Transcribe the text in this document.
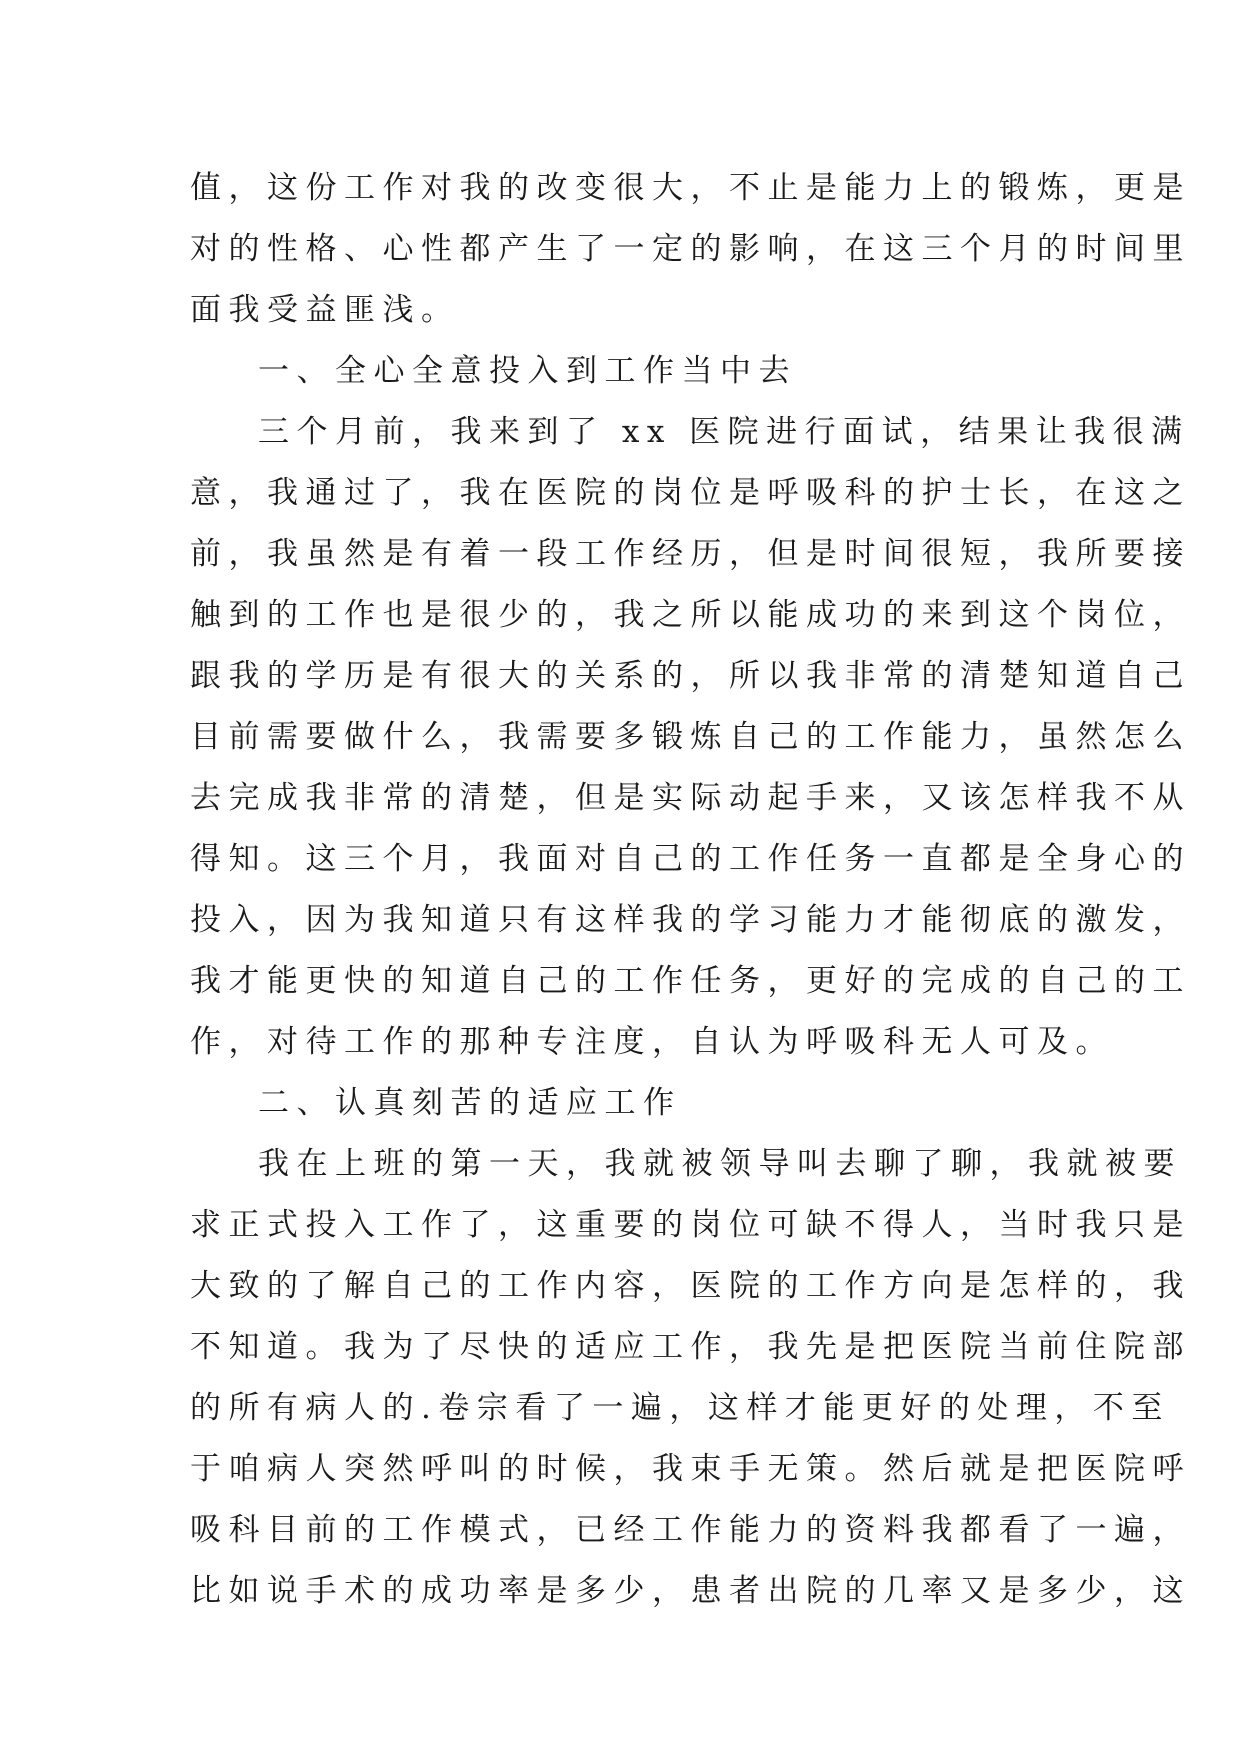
值，这份工作对我的改变很大，不止是能力上的锻炼，更是
对的性格、心性都产生了一定的影响，在这三个月的时间里
面我受益匪浅。
一、全心全意投入到工作当中去
三个月前，我来到了 xx 医院进行面试，结果让我很满
意，我通过了，我在医院的岗位是呼吸科的护士长，在这之
前，我虽然是有着一段工作经历，但是时间很短，我所要接
触到的工作也是很少的，我之所以能成功的来到这个岗位，
跟我的学历是有很大的关系的，所以我非常的清楚知道自己
目前需要做什么，我需要多锻炼自己的工作能力，虽然怎么
去完成我非常的清楚，但是实际动起手来，又该怎样我不从
得知。这三个月，我面对自己的工作任务一直都是全身心的
投入，因为我知道只有这样我的学习能力才能彻底的激发，
我才能更快的知道自己的工作任务，更好的完成的自己的工
作，对待工作的那种专注度，自认为呼吸科无人可及。
二、认真刻苦的适应工作
我在上班的第一天，我就被领导叫去聊了聊，我就被要
求正式投入工作了，这重要的岗位可缺不得人，当时我只是
大致的了解自己的工作内容，医院的工作方向是怎样的，我
不知道。我为了尽快的适应工作，我先是把医院当前住院部
的所有病人的.卷宗看了一遍，这样才能更好的处理，不至
于咱病人突然呼叫的时候，我束手无策。然后就是把医院呼
吸科目前的工作模式，已经工作能力的资料我都看了一遍，
比如说手术的成功率是多少，患者出院的几率又是多少，这
